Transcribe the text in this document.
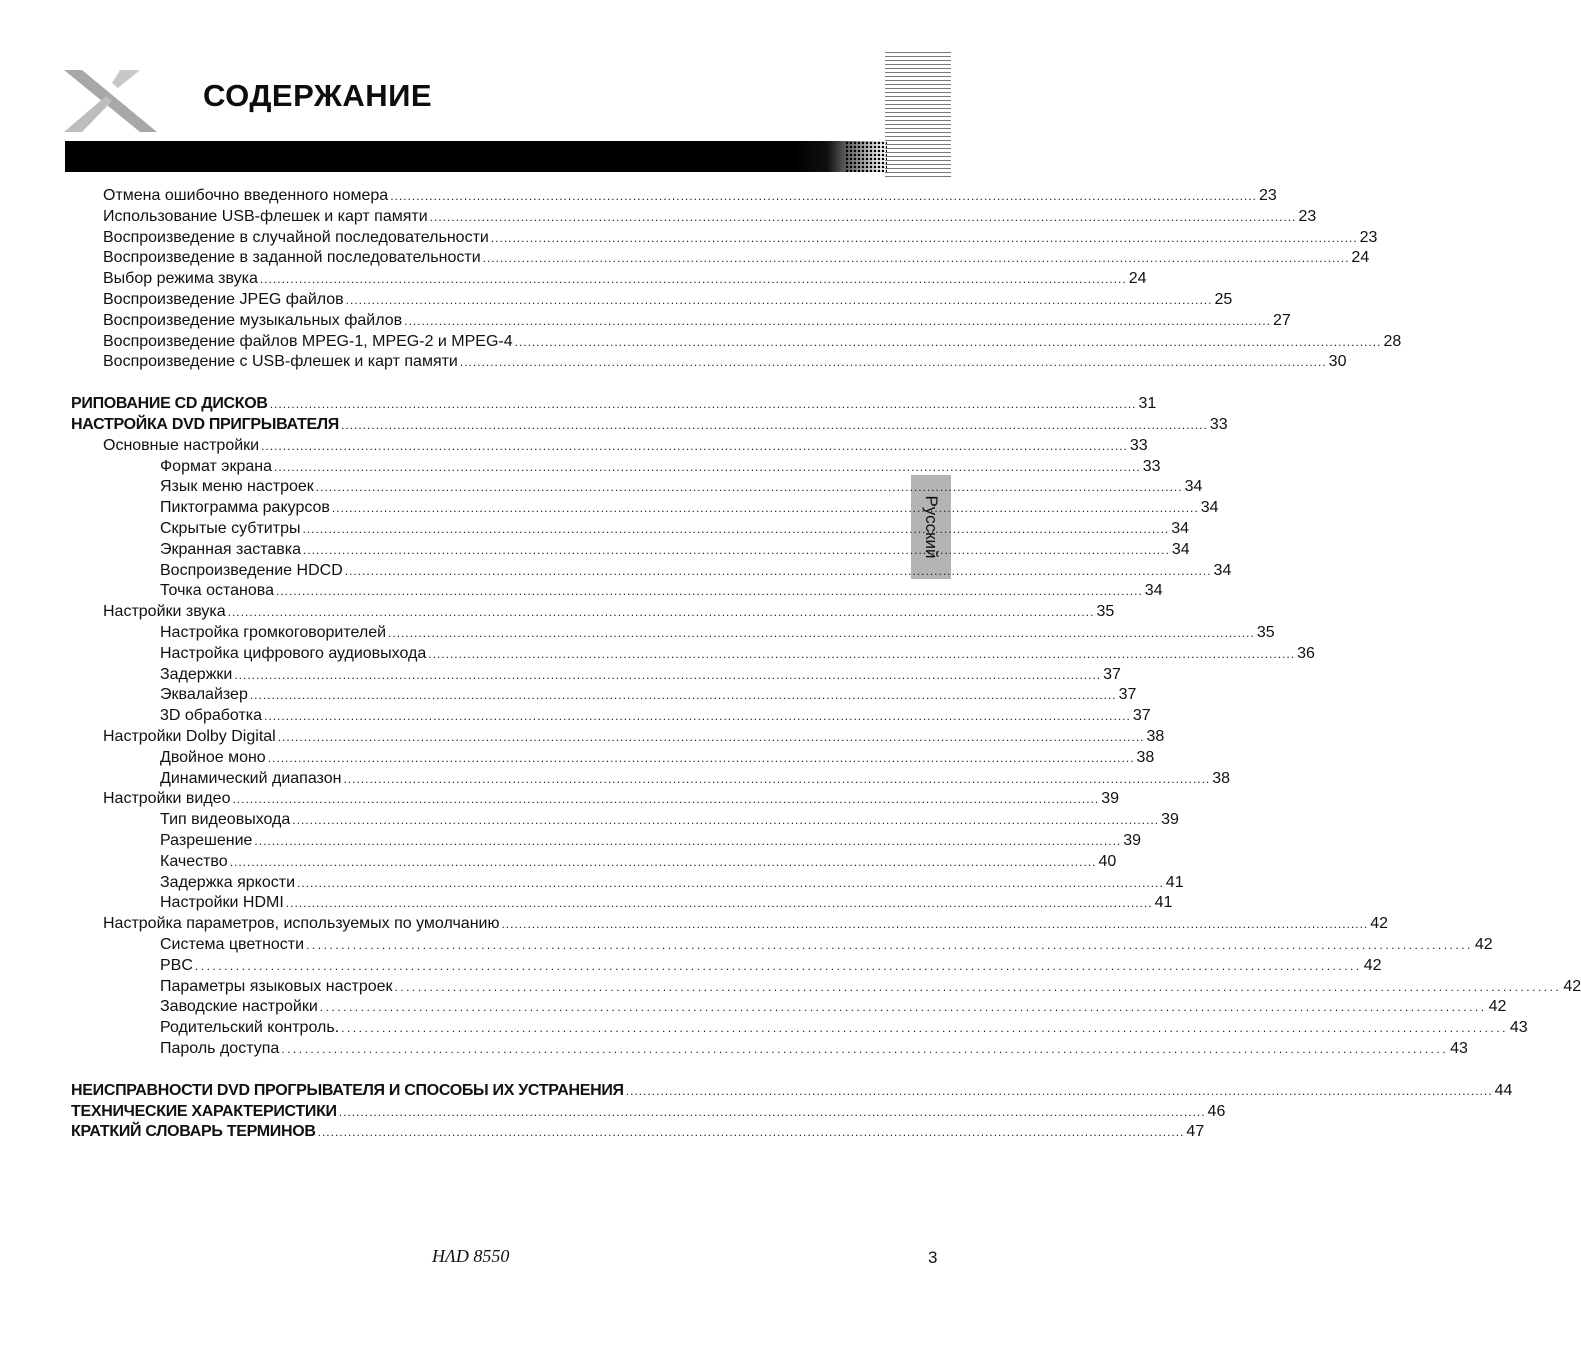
СОДЕРЖАНИЕ
Русский
Отмена ошибочно введенного номера ........................................................................................................................................................................................................ 23
Использование USB-флешек и карт памяти ........................................................................................................................................................................................................ 23
Воспроизведение в случайной последовательности ........................................................................................................................................................................................................ 23
Воспроизведение в заданной последовательности ........................................................................................................................................................................................................ 24
Выбор режима звука ........................................................................................................................................................................................................ 24
Воспроизведение JPEG файлов ........................................................................................................................................................................................................ 25
Воспроизведение музыкальных файлов ........................................................................................................................................................................................................ 27
Воспроизведение файлов MPEG-1, MPEG-2 и MPEG-4 ........................................................................................................................................................................................................ 28
Воспроизведение с USB-флешек и карт памяти ........................................................................................................................................................................................................ 30
РИПОВАНИЕ CD ДИСКОВ ........................................................................................................................................................................................................ 31
НАСТРОЙКА DVD ПРИГРЫВАТЕЛЯ ........................................................................................................................................................................................................ 33
Основные настройки ........................................................................................................................................................................................................ 33
Формат экрана ........................................................................................................................................................................................................ 33
Язык меню настроек ........................................................................................................................................................................................................ 34
Пиктограмма ракурсов ........................................................................................................................................................................................................ 34
Скрытые субтитры ........................................................................................................................................................................................................ 34
Экранная заставка ........................................................................................................................................................................................................ 34
Воспроизведение HDCD ........................................................................................................................................................................................................ 34
Точка останова ........................................................................................................................................................................................................ 34
Настройки звука ........................................................................................................................................................................................................ 35
Настройка громкоговорителей ........................................................................................................................................................................................................ 35
Настройка цифрового аудиовыхода ........................................................................................................................................................................................................ 36
Задержки ........................................................................................................................................................................................................ 37
Эквалайзер ........................................................................................................................................................................................................ 37
3D обработка ........................................................................................................................................................................................................ 37
Настройки Dolby Digital ........................................................................................................................................................................................................ 38
Двойное моно ........................................................................................................................................................................................................ 38
Динамический диапазон ........................................................................................................................................................................................................ 38
Настройки видео ........................................................................................................................................................................................................ 39
Тип видеовыхода ........................................................................................................................................................................................................ 39
Разрешение ........................................................................................................................................................................................................ 39
Качество ........................................................................................................................................................................................................ 40
Задержка яркости ........................................................................................................................................................................................................ 41
Настройки HDMI ........................................................................................................................................................................................................ 41
Настройка параметров, используемых по умолчанию ........................................................................................................................................................................................................ 42
Система цветности ........................................................................................................................................................................................................ 42
PBC ........................................................................................................................................................................................................ 42
Параметры языковых настроек ........................................................................................................................................................................................................ 42
Заводские настройки ........................................................................................................................................................................................................ 42
Родительский контроль. ........................................................................................................................................................................................................ 43
Пароль доступа ........................................................................................................................................................................................................ 43
НЕИСПРАВНОСТИ DVD ПРОГРЫВАТЕЛЯ И СПОСОБЫ ИХ УСТРАНЕНИЯ ........................................................................................................................................................................................................ 44
ТЕХНИЧЕСКИЕ ХАРАКТЕРИСТИКИ ........................................................................................................................................................................................................ 46
КРАТКИЙ СЛОВАРЬ ТЕРМИНОВ ........................................................................................................................................................................................................ 47
HɅD 8550	3
